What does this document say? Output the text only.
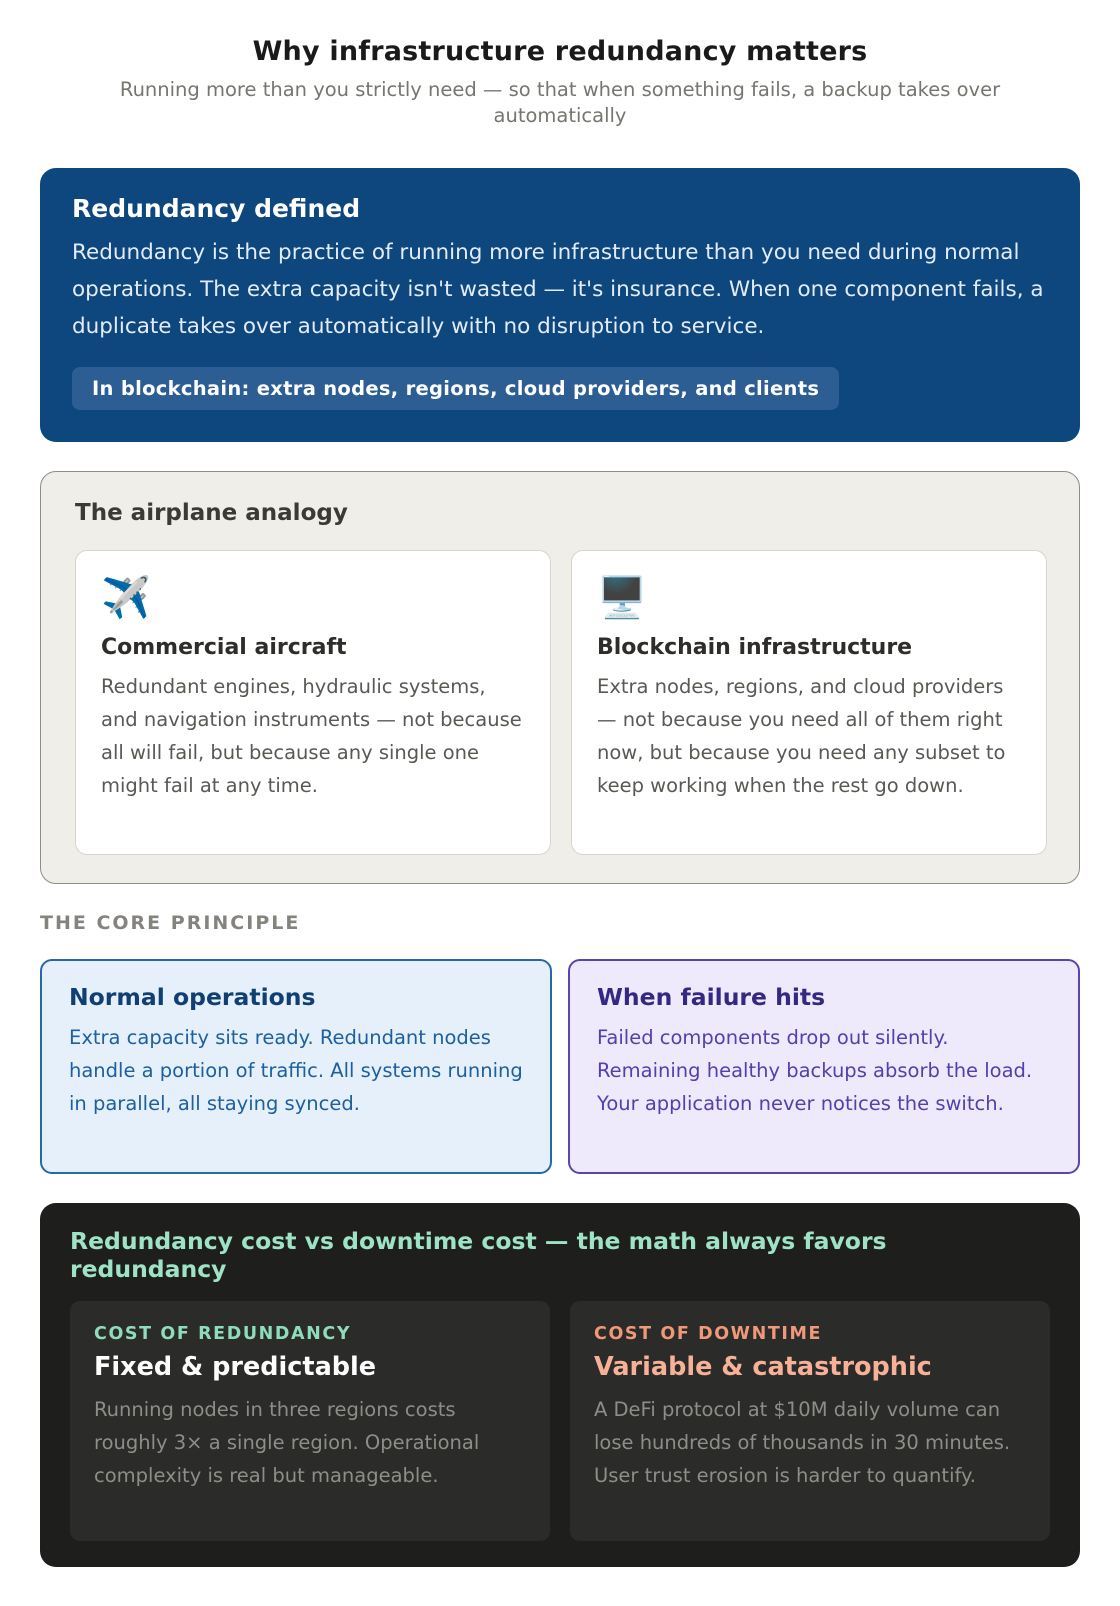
Why infrastructure redundancy matters
Running more than you strictly need — so that when something fails, a backup takes over automatically
Redundancy defined

Redundancy is the practice of running more infrastructure than you need during normal operations. The extra capacity isn't wasted — it's insurance. When one component fails, a duplicate takes over automatically with no disruption to service.

In blockchain: extra nodes, regions, cloud providers, and clients
The airplane analogy
✈️
Commercial aircraft

Redundant engines, hydraulic systems, and navigation instruments — not because all will fail, but because any single one might fail at any time.

🖥️
Blockchain infrastructure

Extra nodes, regions, and cloud providers — not because you need all of them right now, but because you need any subset to keep working when the rest go down.

THE CORE PRINCIPLE
Normal operations

Extra capacity sits ready. Redundant nodes handle a portion of traffic. All systems running in parallel, all staying synced.

When failure hits

Failed components drop out silently. Remaining healthy backups absorb the load. Your application never notices the switch.

Redundancy cost vs downtime cost — the math always favors redundancy
COST OF REDUNDANCY
Fixed & predictable

Running nodes in three regions costs roughly 3× a single region. Operational complexity is real but manageable.

COST OF DOWNTIME
Variable & catastrophic

A DeFi protocol at $10M daily volume can lose hundreds of thousands in 30 minutes. User trust erosion is harder to quantify.
